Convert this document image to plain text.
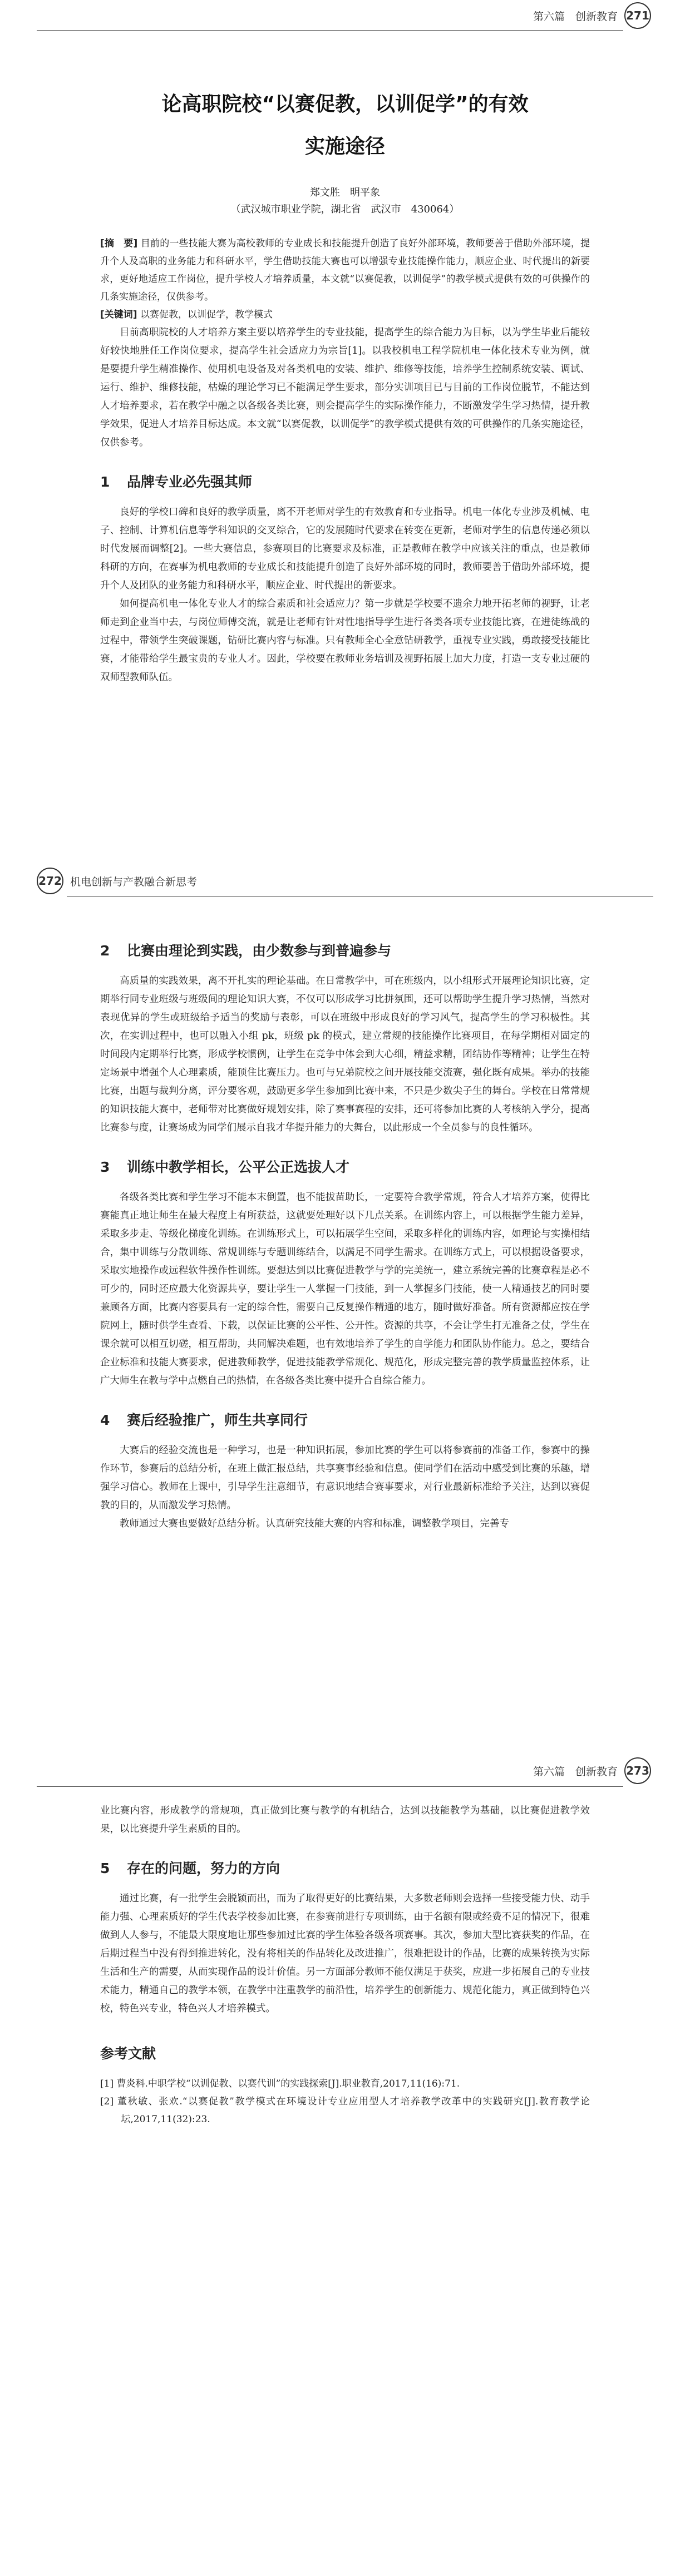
第六篇　创新教育 271
论高职院校“以赛促教，以训促学”的有效
实施途径
郑文胜　明平象
（武汉城市职业学院，湖北省　武汉市　430064）
[摘　要] 目前的一些技能大赛为高校教师的专业成长和技能提升创造了良好外部环境，教师要善于借助外部环境，提升个人及高职的业务能力和科研水平，学生借助技能大赛也可以增强专业技能操作能力，顺应企业、时代提出的新要求，更好地适应工作岗位，提升学校人才培养质量，本文就“以赛促教，以训促学”的教学模式提供有效的可供操作的几条实施途径，仅供参考。
[关键词] 以赛促教，以训促学，教学模式

目前高职院校的人才培养方案主要以培养学生的专业技能，提高学生的综合能力为目标，以为学生毕业后能较好较快地胜任工作岗位要求，提高学生社会适应力为宗旨[1]。以我校机电工程学院机电一体化技术专业为例，就是要提升学生精准操作、使用机电设备及对各类机电的安装、维护、维修等技能，培养学生控制系统安装、调试、运行、维护、维修技能，枯燥的理论学习已不能满足学生要求，部分实训项目已与目前的工作岗位脱节，不能达到人才培养要求，若在教学中融之以各级各类比赛，则会提高学生的实际操作能力，不断激发学生学习热情，提升教学效果，促进人才培养目标达成。本文就“以赛促教，以训促学”的教学模式提供有效的可供操作的几条实施途径，仅供参考。

1 品牌专业必先强其师

良好的学校口碑和良好的教学质量，离不开老师对学生的有效教育和专业指导。机电一体化专业涉及机械、电子、控制、计算机信息等学科知识的交叉综合，它的发展随时代要求在转变在更新，老师对学生的信息传递必须以时代发展而调整[2]。一些大赛信息，参赛项目的比赛要求及标准，正是教师在教学中应该关注的重点，也是教师科研的方向，在赛事为机电教师的专业成长和技能提升创造了良好外部环境的同时，教师要善于借助外部环境，提升个人及团队的业务能力和科研水平，顺应企业、时代提出的新要求。

如何提高机电一体化专业人才的综合素质和社会适应力？第一步就是学校要不遗余力地开拓老师的视野，让老师走到企业当中去，与岗位师傅交流，就是让老师有针对性地指导学生进行各类各项专业技能比赛，在进徒练战的过程中，带领学生突破课题，钻研比赛内容与标准。只有教师全心全意钻研教学，重视专业实践，勇敢接受技能比赛，才能带给学生最宝贵的专业人才。因此，学校要在教师业务培训及视野拓展上加大力度，打造一支专业过硬的双师型教师队伍。

272 机电创新与产教融合新思考
2 比赛由理论到实践，由少数参与到普遍参与

高质量的实践效果，离不开扎实的理论基础。在日常教学中，可在班级内，以小组形式开展理论知识比赛，定期举行同专业班级与班级间的理论知识大赛，不仅可以形成学习比拼氛围，还可以帮助学生提升学习热情，当然对表现优异的学生或班级给予适当的奖励与表彰，可以在班级中形成良好的学习风气，提高学生的学习积极性。其次，在实训过程中，也可以融入小组 pk，班级 pk 的模式，建立常规的技能操作比赛项目，在每学期相对固定的时间段内定期举行比赛，形成学校惯例，让学生在竞争中体会到大心细，精益求精，团结协作等精神；让学生在特定场景中增强个人心理素质，能顶住比赛压力。也可与兄弟院校之间开展技能交流赛，强化既有成果。举办的技能比赛，出题与裁判分离，评分要客观，鼓励更多学生参加到比赛中来，不只是少数尖子生的舞台。学校在日常常规的知识技能大赛中，老师带对比赛做好规划安排，除了赛事赛程的安排，还可将参加比赛的人考核纳入学分，提高比赛参与度，让赛场成为同学们展示自我才华提升能力的大舞台，以此形成一个全员参与的良性循环。

3 训练中教学相长，公平公正选拔人才

各级各类比赛和学生学习不能本末倒置，也不能拔苗助长，一定要符合教学常规，符合人才培养方案，使得比赛能真正地让师生在最大程度上有所获益，这就要处理好以下几点关系。在训练内容上，可以根据学生能力差异，采取多步走、等级化梯度化训练。在训练形式上，可以拓展学生空间，采取多样化的训练内容，如理论与实操相结合，集中训练与分散训练、常规训练与专题训练结合，以满足不同学生需求。在训练方式上，可以根据设备要求，采取实地操作或远程软件操作性训练。要想达到以比赛促进教学与学的完美统一，建立系统完善的比赛章程是必不可少的，同时还应最大化资源共享，要让学生一人掌握一门技能，到一人掌握多门技能，使一人精通技艺的同时要兼顾各方面，比赛内容要具有一定的综合性，需要自己反复操作精通的地方，随时做好准备。所有资源都应按在学院网上，随时供学生查看、下载，以保证比赛的公平性、公开性。资源的共享，不会让学生打无准备之仗，学生在课余就可以相互切磋，相互帮助，共同解决难题，也有效地培养了学生的自学能力和团队协作能力。总之，要结合企业标准和技能大赛要求，促进教师教学，促进技能教学常规化、规范化，形成完整完善的教学质量监控体系，让广大师生在教与学中点燃自己的热情，在各级各类比赛中提升合自综合能力。

4 赛后经验推广，师生共享同行

大赛后的经验交流也是一种学习，也是一种知识拓展，参加比赛的学生可以将参赛前的准备工作，参赛中的操作环节，参赛后的总结分析，在班上做汇报总结，共享赛事经验和信息。使同学们在活动中感受到比赛的乐趣，增强学习信心。教师在上课中，引导学生注意细节，有意识地结合赛事要求，对行业最新标准给予关注，达到以赛促教的目的，从而激发学习热情。

教师通过大赛也要做好总结分析。认真研究技能大赛的内容和标准，调整教学项目，完善专

第六篇　创新教育 273

业比赛内容，形成教学的常规项，真正做到比赛与教学的有机结合，达到以技能教学为基础，以比赛促进教学效果，以比赛提升学生素质的目的。

5 存在的问题，努力的方向

通过比赛，有一批学生会脱颖而出，而为了取得更好的比赛结果，大多数老师则会选择一些接受能力快、动手能力强、心理素质好的学生代表学校参加比赛，在参赛前进行专项训练，由于名额有限或经费不足的情况下，很难做到人人参与，不能最大限度地让那些参加过比赛的学生体验各级各项赛事。其次，参加大型比赛获奖的作品，在后期过程当中没有得到推进转化，没有将相关的作品转化及改进推广，很难把设计的作品，比赛的成果转换为实际生活和生产的需要，从而实现作品的设计价值。另一方面部分教师不能仅满足于获奖，应进一步拓展自己的专业技术能力，精通自己的教学本领，在教学中注重教学的前沿性，培养学生的创新能力、规范化能力，真正做到特色兴校，特色兴专业，特色兴人才培养模式。

参考文献
[1] 曹炎科.中职学校“以训促教、以赛代训”的实践探索[J].职业教育,2017,11(16):71.
[2] 董秋敏、张欢.“以赛促教”教学模式在环境设计专业应用型人才培养教学改革中的实践研究[J].教育教学论坛,2017,11(32):23.
